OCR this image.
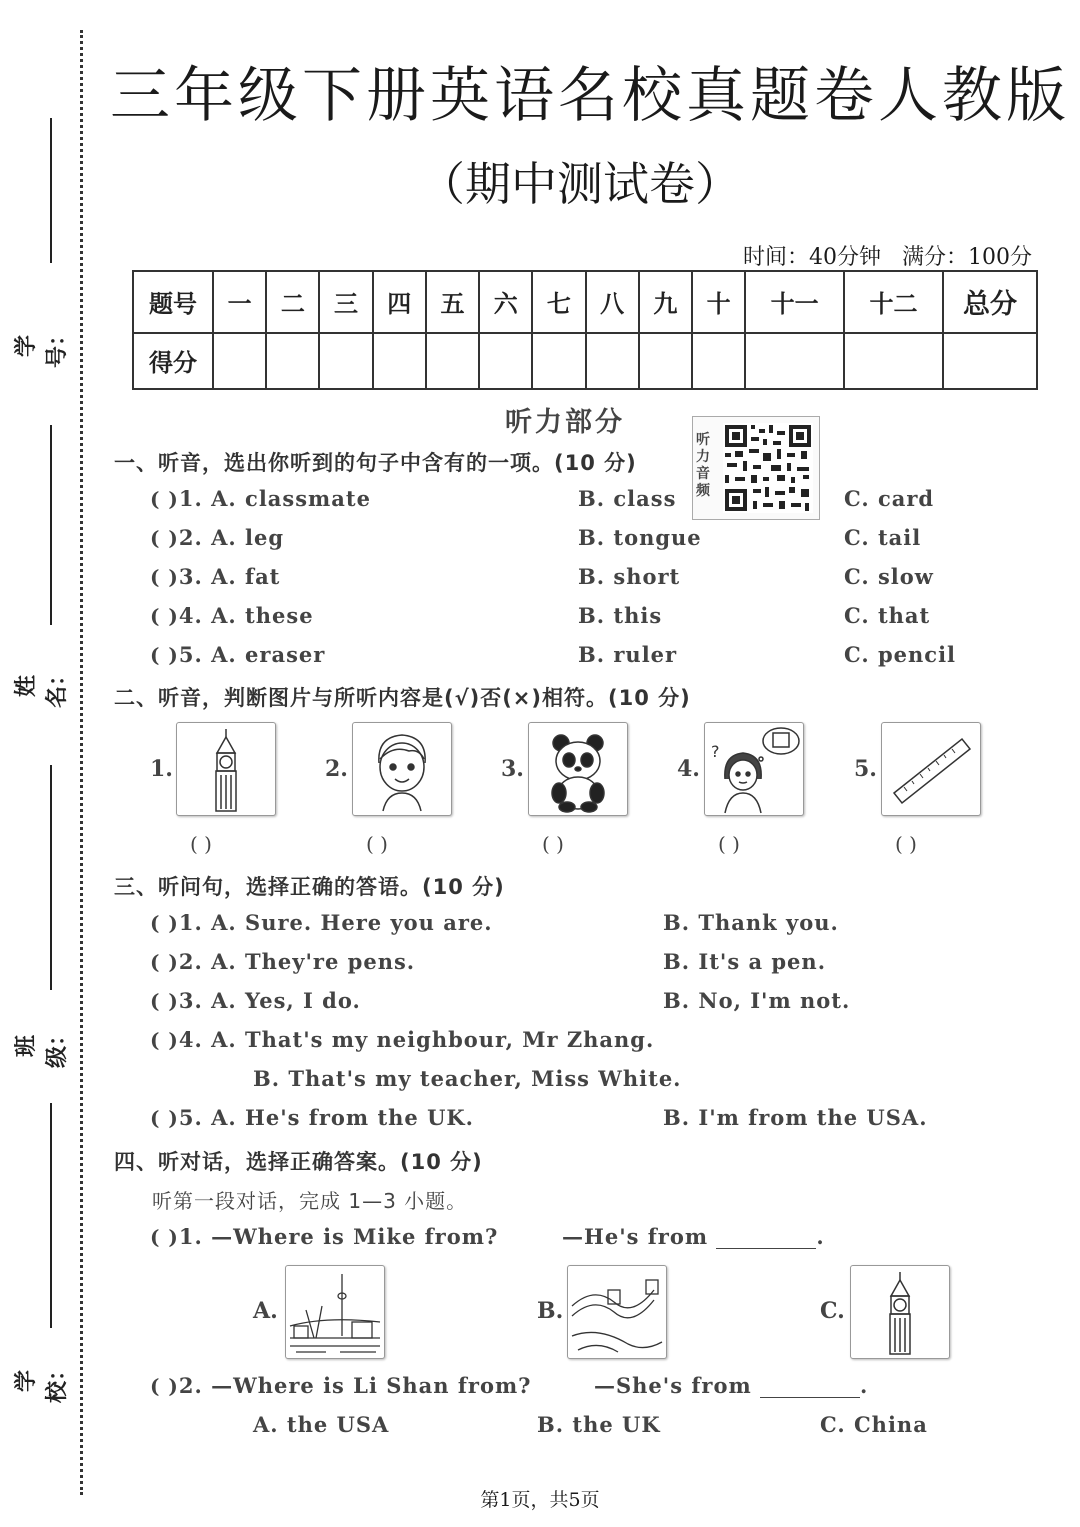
学号：
姓名：
班级：
学校：
三年级下册英语名校真题卷人教版
（期中测试卷）
时间：40分钟 满分：100分
题号	一	二	三	四	五	六	七	八	九	十	十一	十二	总分
得分													
听力部分
听力音频
一、听音，选出你听到的句子中含有的一项。(10 分)
( )1. A. classmate	B. class	C. card
( )2. A. leg	B. tongue	C. tail
( )3. A. fat	B. short	C. slow
( )4. A. these	B. this	C. that
( )5. A. eraser	B. ruler	C. pencil
二、听音，判断图片与所听内容是(√)否(×)相符。(10 分)
1.
( )
2.
( )
3.
( )
4.
?
( )
5.
( )
三、听问句，选择正确的答语。(10 分)
( )1. A. Sure. Here you are.	B. Thank you.
( )2. A. They're pens.	B. It's a pen.
( )3. A. Yes, I do.	B. No, I'm not.
( )4. A. That's my neighbour, Mr Zhang.
B. That's my teacher, Miss White.
( )5. A. He's from the UK.	B. I'm from the USA.
四、听对话，选择正确答案。(10 分)
听第一段对话，完成 1—3 小题。
( )1. —Where is Mike from?	—He's from	.
A.	B.	C.
( )2. —Where is Li Shan from?	—She's from	.
A. the USA	B. the UK	C. China
第1页，共5页
